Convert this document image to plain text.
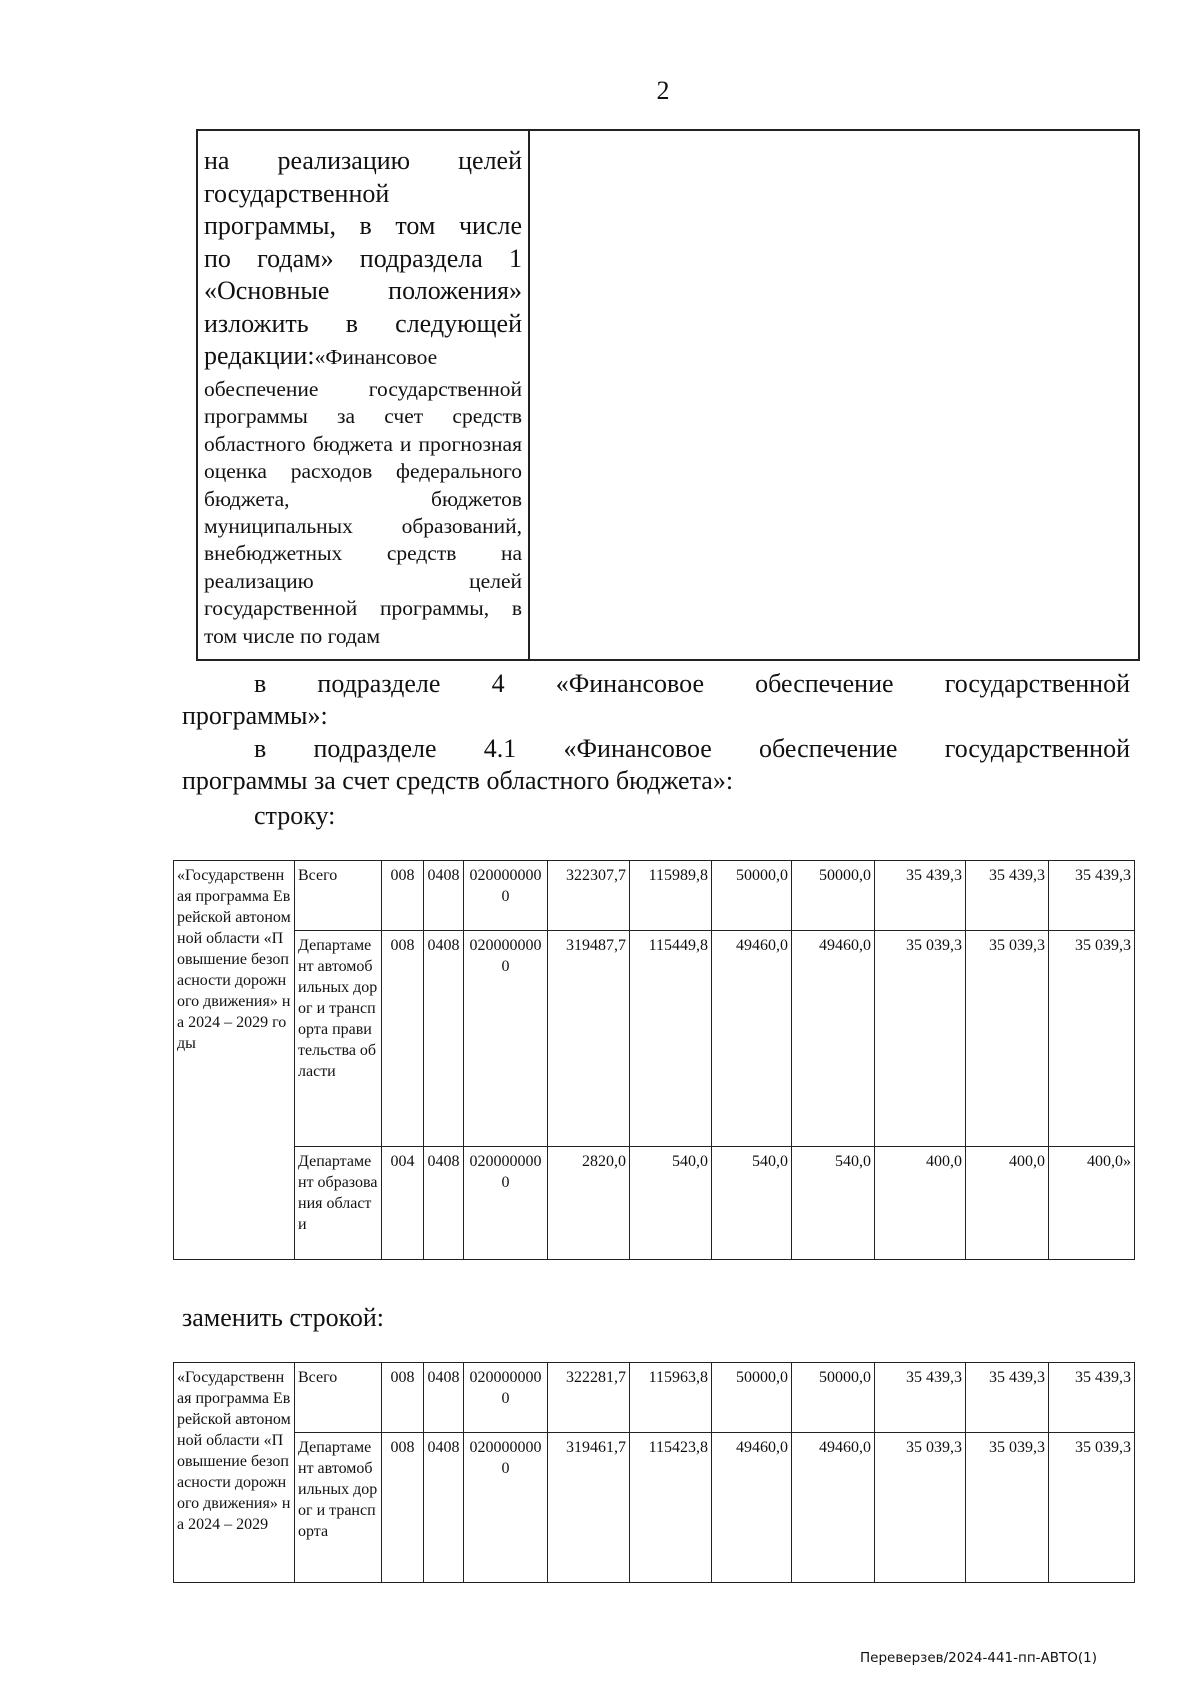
2
на реализацию целей
государственной
программы, в том числе
по годам» подраздела 1
«Основные положения»
изложить в следующей
редакции:«Финансовое
обеспечение государственной программы за счет средств областного бюджета и прогнозная оценка расходов федерального бюджета, бюджетов муниципальных образований, внебюджетных средств на реализацию целей государственной программы, в том числе по годам
в подразделе 4 «Финансовое обеспечение государственной
программы»:
в подразделе 4.1 «Финансовое обеспечение государственной
программы за счет средств областного бюджета»:
строку:
«Государственная программа Еврейской автономной области «Повышение безопасности дорожного движения» на 2024 – 2029 годы	Всего	008	0408	0200000000	322307,7	115989,8	50000,0	50000,0	35 439,3	35 439,3	35 439,3
	Департамент автомобильных дорог и транспорта правительства области	008	0408	0200000000	319487,7	115449,8	49460,0	49460,0	35 039,3	35 039,3	35 039,3
	Департамент образования области	004	0408	0200000000	2820,0	540,0	540,0	540,0	400,0	400,0	400,0»
заменить строкой:
«Государственная программа Еврейской автономной области «Повышение безопасности дорожного движения» на 2024 – 2029	Всего	008	0408	0200000000	322281,7	115963,8	50000,0	50000,0	35 439,3	35 439,3	35 439,3
	Департамент автомобильных дорог и транспорта	008	0408	0200000000	319461,7	115423,8	49460,0	49460,0	35 039,3	35 039,3	35 039,3
Переверзев/2024-441-пп-АВТО(1)
